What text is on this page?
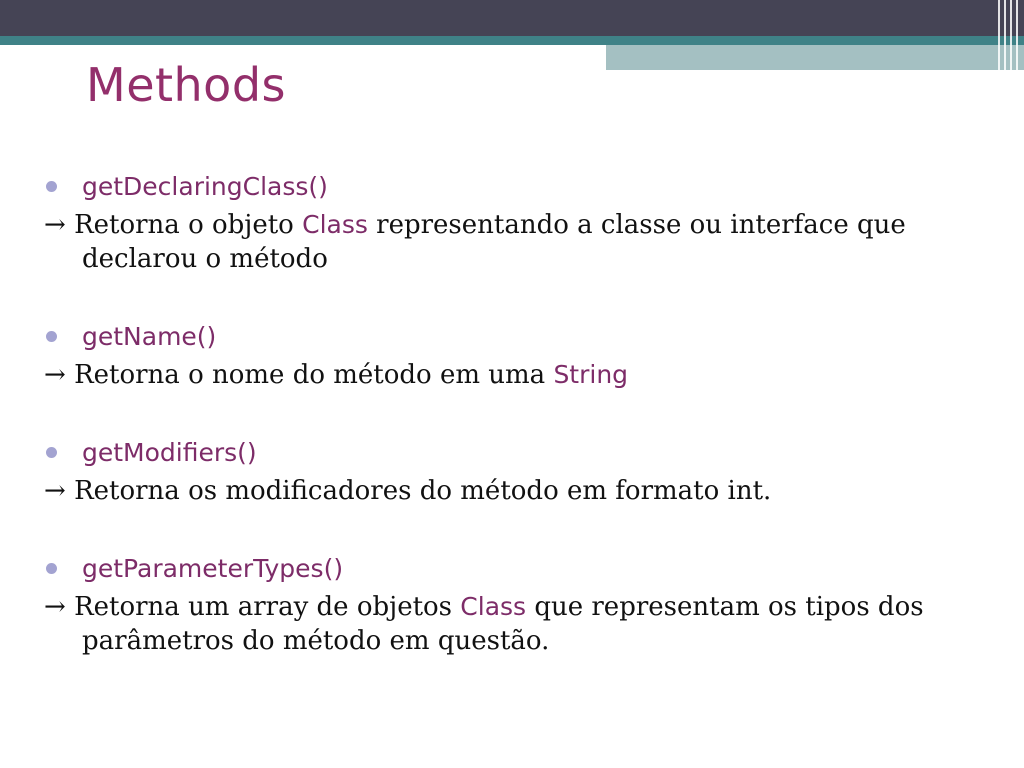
Methods
getDeclaringClass()
→ Retorna o objeto Class representando a classe ou interface que declarou o método
getName()
→ Retorna o nome do método em uma String
getModifiers()
→ Retorna os modificadores do método em formato int.
getParameterTypes()
→ Retorna um array de objetos Class que representam os tipos dos parâmetros do método em questão.
